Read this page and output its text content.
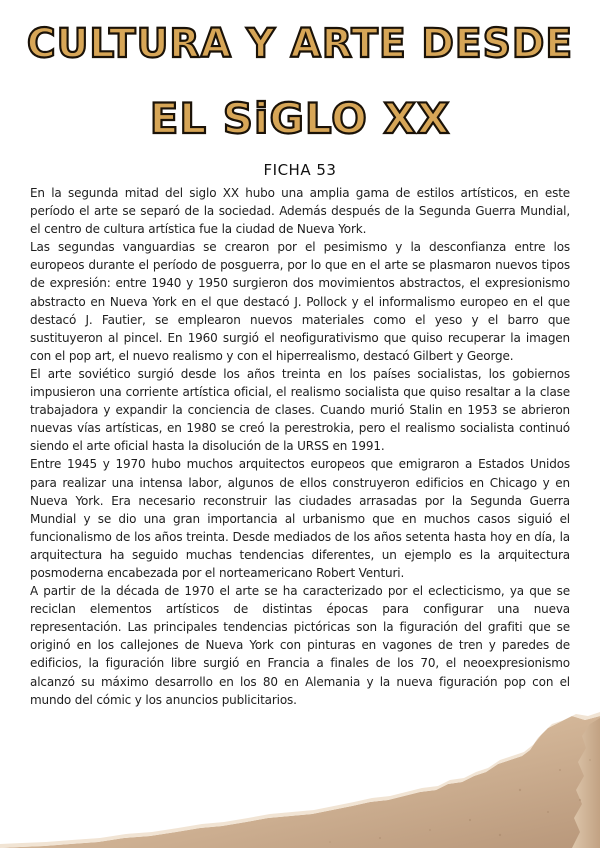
CULTURA Y ARTE DESDE
EL SiGLO XX
FICHA 53

En la segunda mitad del siglo XX hubo una amplia gama de estilos artísticos, en este período el arte se separó de la sociedad. Además después de la Segunda Guerra Mundial, el centro de cultura artística fue la ciudad de Nueva York.

Las segundas vanguardias se crearon por el pesimismo y la desconfianza entre los europeos durante el período de posguerra, por lo que en el arte se plasmaron nuevos tipos de expresión: entre 1940 y 1950 surgieron dos movimientos abstractos, el expresionismo abstracto en Nueva York en el que destacó J. Pollock y el informalismo europeo en el que destacó J. Fautier, se emplearon nuevos materiales como el yeso y el barro que sustituyeron al pincel. En 1960 surgió el neofigurativismo que quiso recuperar la imagen con el pop art, el nuevo realismo y con el hiperrealismo, destacó Gilbert y George.

El arte soviético surgió desde los años treinta en los países socialistas, los gobiernos impusieron una corriente artística oficial, el realismo socialista que quiso resaltar a la clase trabajadora y expandir la conciencia de clases. Cuando murió Stalin en 1953 se abrieron nuevas vías artísticas, en 1980 se creó la perestrokia, pero el realismo socialista continuó siendo el arte oficial hasta la disolución de la URSS en 1991.

Entre 1945 y 1970 hubo muchos arquitectos europeos que emigraron a Estados Unidos para realizar una intensa labor, algunos de ellos construyeron edificios en Chicago y en Nueva York. Era necesario reconstruir las ciudades arrasadas por la Segunda Guerra Mundial y se dio una gran importancia al urbanismo que en muchos casos siguió el funcionalismo de los años treinta. Desde mediados de los años setenta hasta hoy en día, la arquitectura ha seguido muchas tendencias diferentes, un ejemplo es la arquitectura posmoderna encabezada por el norteamericano Robert Venturi.

A partir de la década de 1970 el arte se ha caracterizado por el eclecticismo, ya que se reciclan elementos artísticos de distintas épocas para configurar una nueva representación. Las principales tendencias pictóricas son la figuración del grafiti que se originó en los callejones de Nueva York con pinturas en vagones de tren y paredes de edificios, la figuración libre surgió en Francia a finales de los 70, el neoexpresionismo alcanzó su máximo desarrollo en los 80 en Alemania y la nueva figuración pop con el mundo del cómic y los anuncios publicitarios.
